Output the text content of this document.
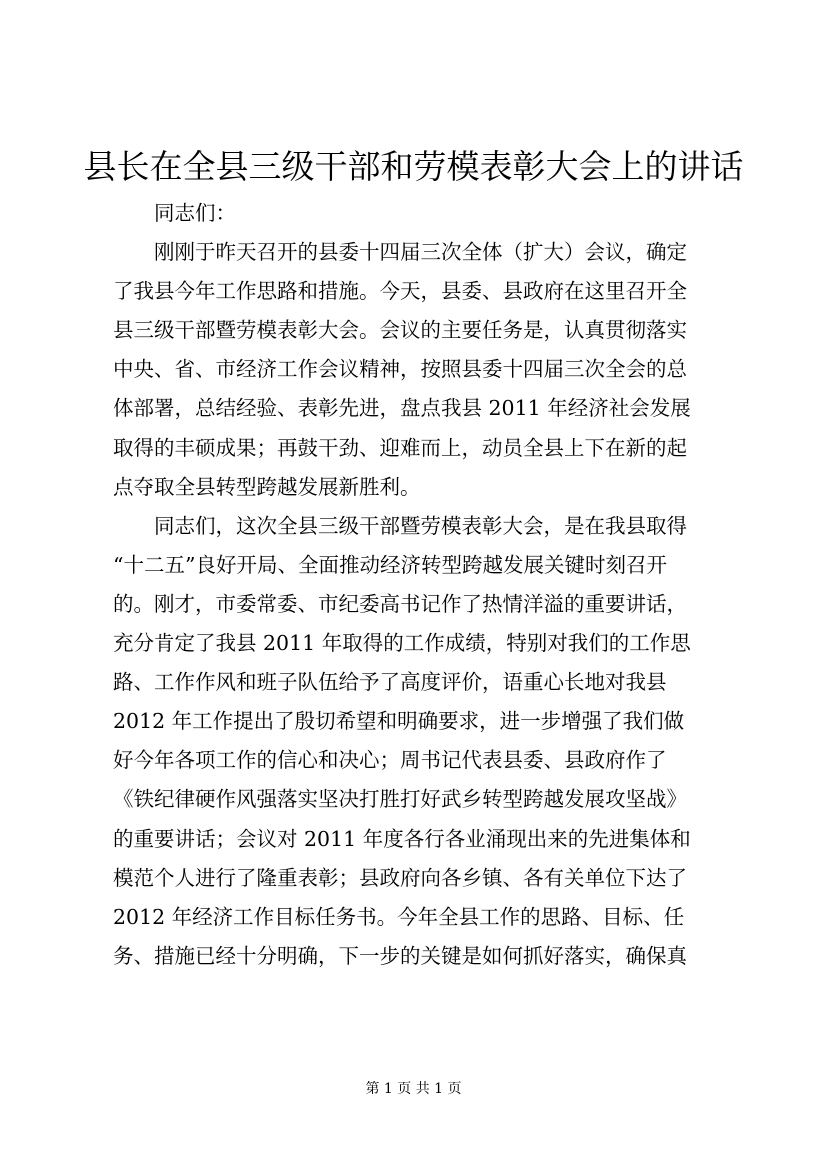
县长在全县三级干部和劳模表彰大会上的讲话
同志们：
刚刚于昨天召开的县委十四届三次全体（扩大）会议，确定
了我县今年工作思路和措施。今天，县委、县政府在这里召开全
县三级干部暨劳模表彰大会。会议的主要任务是，认真贯彻落实
中央、省、市经济工作会议精神，按照县委十四届三次全会的总
体部署，总结经验、表彰先进，盘点我县 2011 年经济社会发展
取得的丰硕成果；再鼓干劲、迎难而上，动员全县上下在新的起
点夺取全县转型跨越发展新胜利。
同志们，这次全县三级干部暨劳模表彰大会，是在我县取得
“十二五”良好开局、全面推动经济转型跨越发展关键时刻召开
的。刚才，市委常委、市纪委高书记作了热情洋溢的重要讲话，
充分肯定了我县 2011 年取得的工作成绩，特别对我们的工作思
路、工作作风和班子队伍给予了高度评价，语重心长地对我县
2012 年工作提出了殷切希望和明确要求，进一步增强了我们做
好今年各项工作的信心和决心；周书记代表县委、县政府作了
《铁纪律硬作风强落实坚决打胜打好武乡转型跨越发展攻坚战》
的重要讲话；会议对 2011 年度各行各业涌现出来的先进集体和
模范个人进行了隆重表彰；县政府向各乡镇、各有关单位下达了
2012 年经济工作目标任务书。今年全县工作的思路、目标、任
务、措施已经十分明确，下一步的关键是如何抓好落实，确保真
第 1 页 共 1 页
